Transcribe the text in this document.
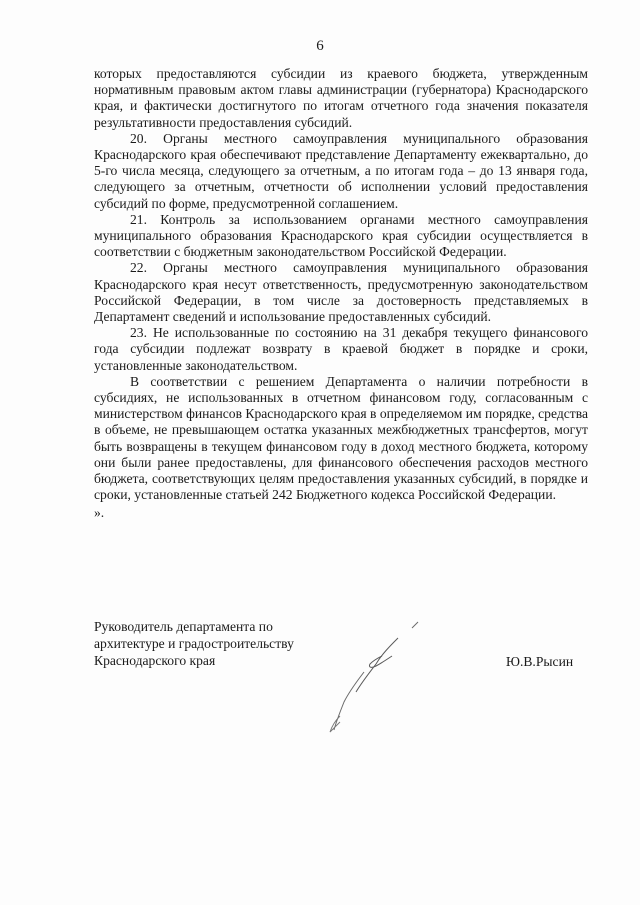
6

которых предоставляются субсидии из краевого бюджета, утвержденным нормативным правовым актом главы администрации (губернатора) Краснодарского края, и фактически достигнутого по итогам отчетного года значения показателя результативности предоставления субсидий.

20. Органы местного самоуправления муниципального образования Краснодарского края обеспечивают представление Департаменту ежеквартально, до 5-го числа месяца, следующего за отчетным, а по итогам года – до 13 января года, следующего за отчетным, отчетности об исполнении условий предоставления субсидий по форме, предусмотренной соглашением.

21. Контроль за использованием органами местного самоуправления муниципального образования Краснодарского края субсидии осуществляется в соответствии с бюджетным законодательством Российской Федерации.

22. Органы местного самоуправления муниципального образования Краснодарского края несут ответственность, предусмотренную законодательством Российской Федерации, в том числе за достоверность представляемых в Департамент сведений и использование предоставленных субсидий.

23. Не использованные по состоянию на 31 декабря текущего финансового года субсидии подлежат возврату в краевой бюджет в порядке и сроки, установленные законодательством.

В соответствии с решением Департамента о наличии потребности в субсидиях, не использованных в отчетном финансовом году, согласованным с министерством финансов Краснодарского края в определяемом им порядке, средства в объеме, не превышающем остатка указанных межбюджетных трансфертов, могут быть возвращены в текущем финансовом году в доход местного бюджета, которому они были ранее предоставлены, для финансового обеспечения расходов местного бюджета, соответствующих целям предоставления указанных субсидий, в порядке и сроки, установленные статьей 242 Бюджетного кодекса Российской Федерации.

».

Руководитель департамента по
архитектуре и градостроительству
Краснодарского края	Ю.В.Рысин
